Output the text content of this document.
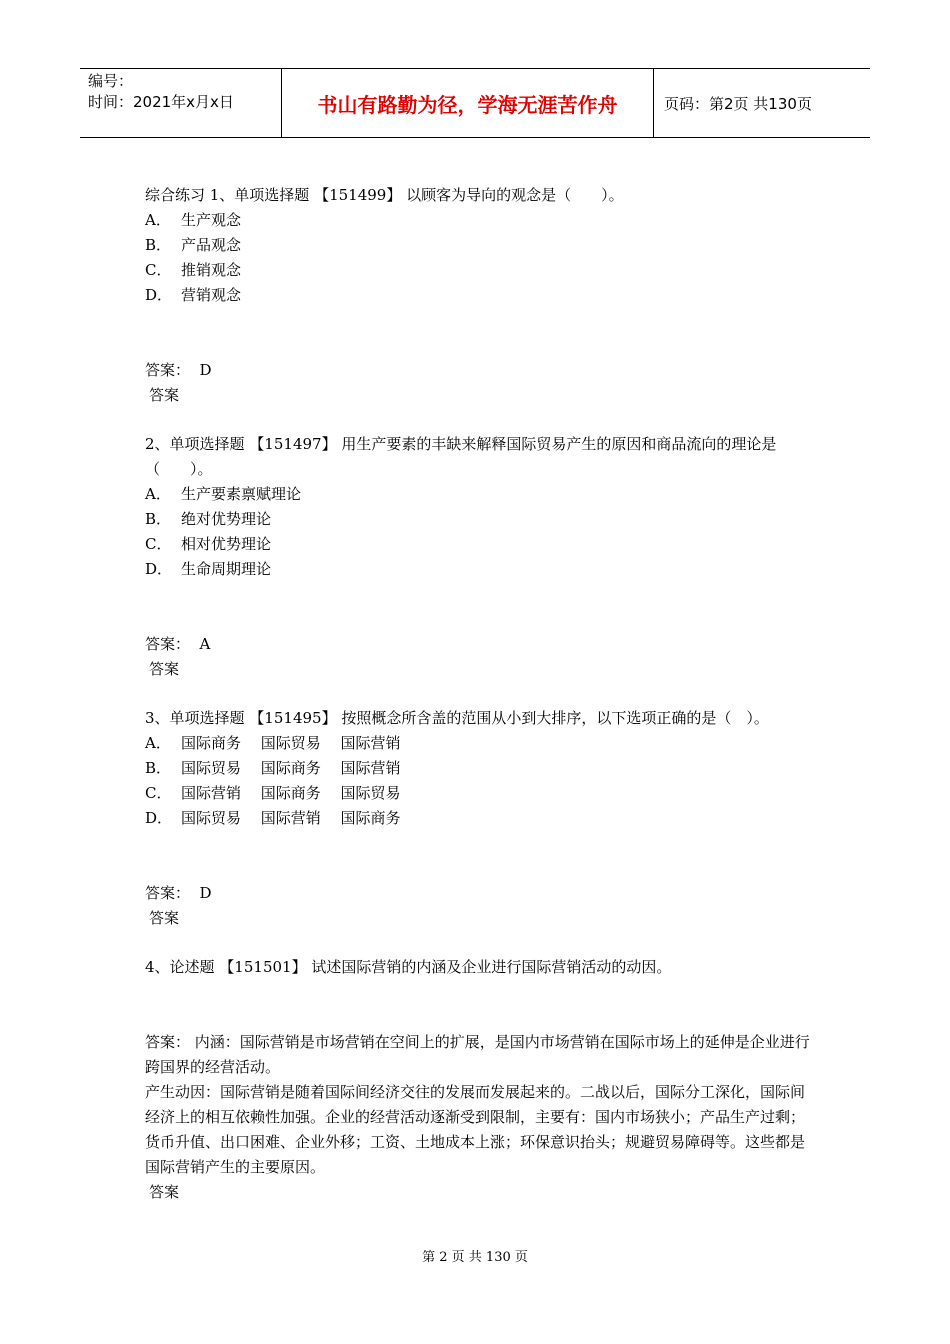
编号：
时间：2021年x月x日	书山有路勤为径，学海无涯苦作舟	页码：第2页 共130页
综合练习 1、单项选择题 【151499】 以顾客为导向的观念是（　　）。
A． 生产观念
B． 产品观念
C． 推销观念
D． 营销观念
答案：  D
答案
2、单项选择题 【151497】 用生产要素的丰缺来解释国际贸易产生的原因和商品流向的理论是（　　）。
A． 生产要素禀赋理论
B． 绝对优势理论
C． 相对优势理论
D． 生命周期理论
答案：  A
答案
3、单项选择题 【151495】 按照概念所含盖的范围从小到大排序，以下选项正确的是（　）。
A． 国际商务　 国际贸易　 国际营销
B． 国际贸易　 国际商务　 国际营销
C． 国际营销　 国际商务　 国际贸易
D． 国际贸易　 国际营销　 国际商务
答案：  D
答案
4、论述题 【151501】 试述国际营销的内涵及企业进行国际营销活动的动因。
答案： 内涵：国际营销是市场营销在空间上的扩展，是国内市场营销在国际市场上的延伸是企业进行跨国界的经营活动。
产生动因：国际营销是随着国际间经济交往的发展而发展起来的。二战以后，国际分工深化，国际间经济上的相互依赖性加强。企业的经营活动逐渐受到限制，主要有：国内市场狭小；产品生产过剩；货币升值、出口困难、企业外移；工资、土地成本上涨；环保意识抬头；规避贸易障碍等。这些都是国际营销产生的主要原因。
答案
第 2 页 共 130 页
